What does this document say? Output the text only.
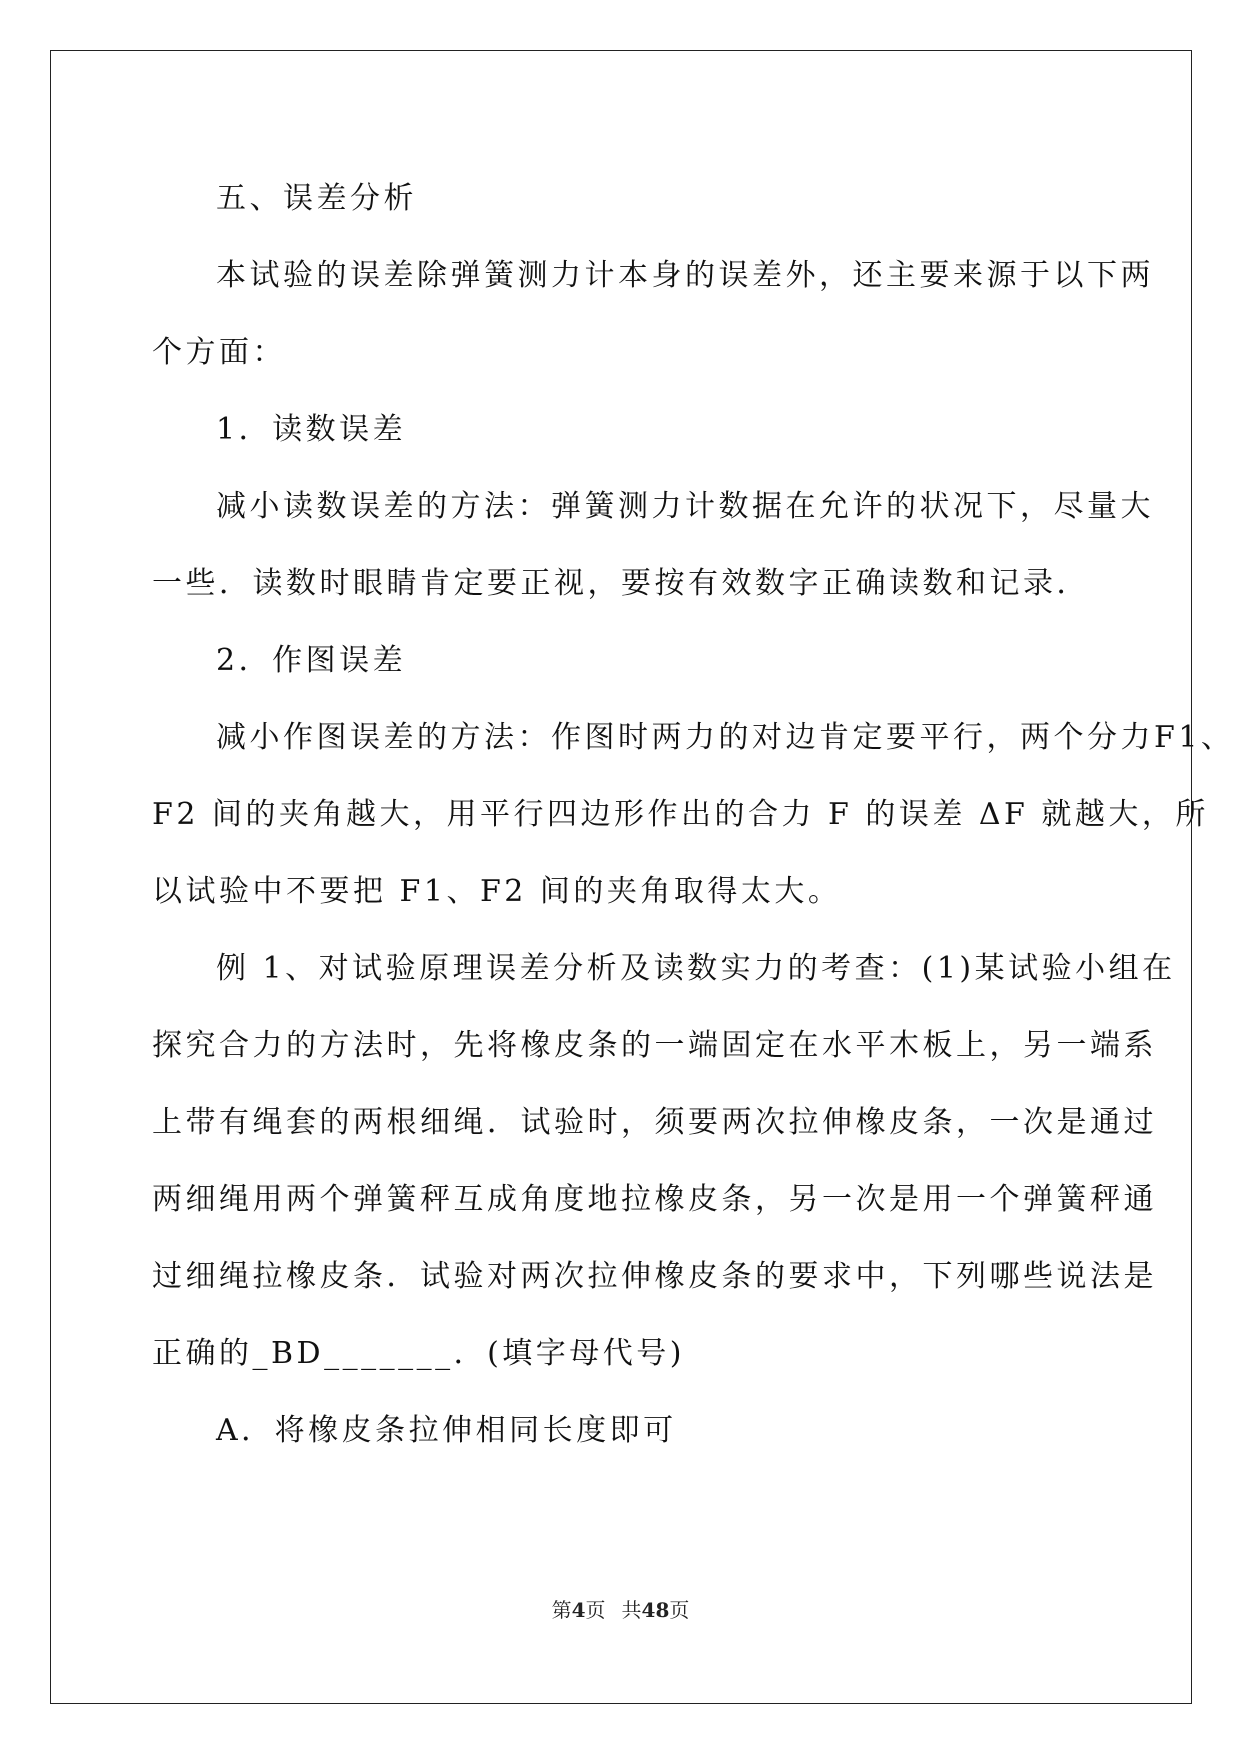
五、误差分析
本试验的误差除弹簧测力计本身的误差外，还主要来源于以下两
个方面：
1．读数误差
减小读数误差的方法：弹簧测力计数据在允许的状况下，尽量大
一些．读数时眼睛肯定要正视，要按有效数字正确读数和记录．
2．作图误差
减小作图误差的方法：作图时两力的对边肯定要平行，两个分力F1、
F2 间的夹角越大，用平行四边形作出的合力 F 的误差 ΔF 就越大，所
以试验中不要把 F1、F2 间的夹角取得太大。
例 1、对试验原理误差分析及读数实力的考查：(1)某试验小组在
探究合力的方法时，先将橡皮条的一端固定在水平木板上，另一端系
上带有绳套的两根细绳．试验时，须要两次拉伸橡皮条，一次是通过
两细绳用两个弹簧秤互成角度地拉橡皮条，另一次是用一个弹簧秤通
过细绳拉橡皮条．试验对两次拉伸橡皮条的要求中，下列哪些说法是
正确的_BD_______．(填字母代号)
A．将橡皮条拉伸相同长度即可
第4页 共48页
